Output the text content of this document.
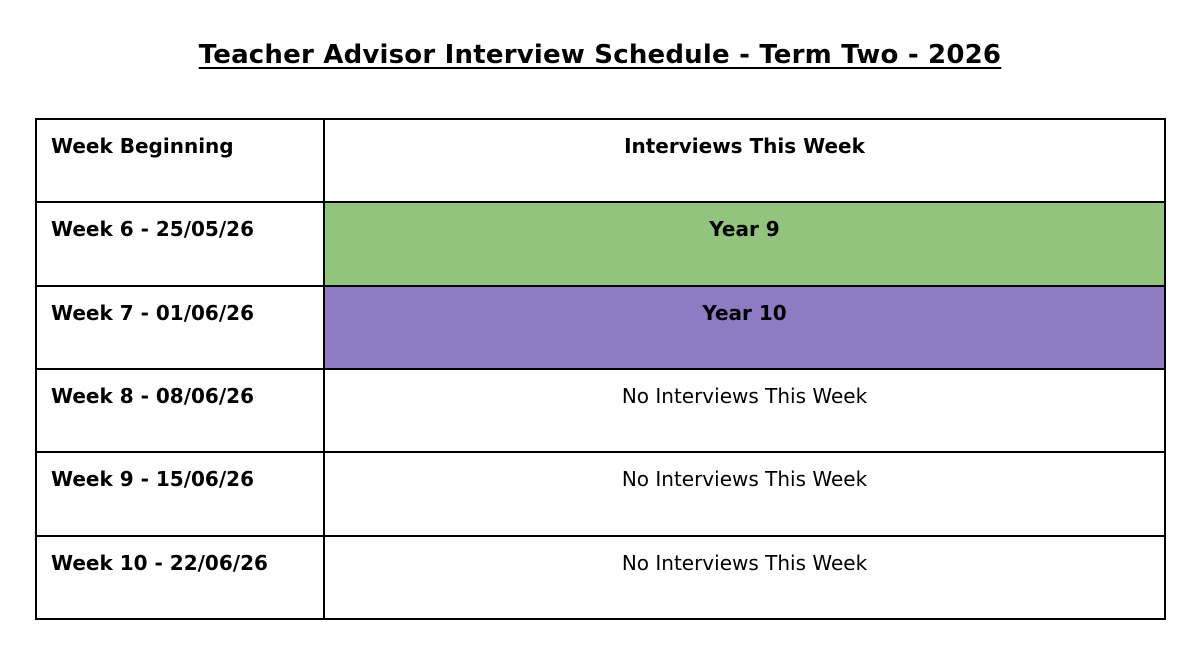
Teacher Advisor Interview Schedule - Term Two - 2026
Week Beginning	Interviews This Week
Week 6 - 25/05/26	Year 9
Week 7 - 01/06/26	Year 10
Week 8 - 08/06/26	No Interviews This Week
Week 9 - 15/06/26	No Interviews This Week
Week 10 - 22/06/26	No Interviews This Week
